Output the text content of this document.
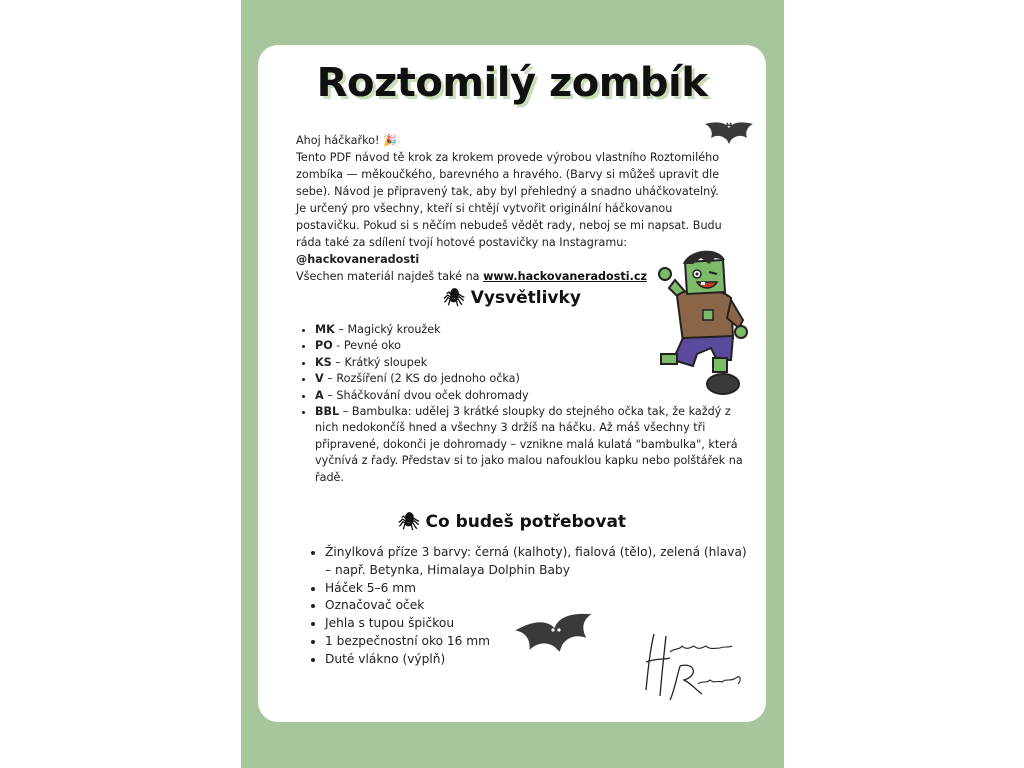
Roztomilý zombík

Ahoj háčkařko! 🎉

Tento PDF návod tě krok za krokem provede výrobou vlastního Roztomilého zombíka — měkoučkého, barevného a hravého. (Barvy si můžeš upravit dle sebe). Návod je připravený tak, aby byl přehledný a snadno uháčkovatelný.

Je určený pro všechny, kteří si chtějí vytvořit originální háčkovanou postavičku. Pokud si s něčím nebudeš vědět rady, neboj se mi napsat. Budu ráda také za sdílení tvojí hotové postavičky na Instagramu: @hackovaneradosti

Všechen materiál najdeš také na www.hackovaneradosti.cz

🕷 Vysvětlivky
• MK – Magický kroužek
• PO - Pevné oko
• KS – Krátký sloupek
• V – Rozšíření (2 KS do jednoho očka)
• A – Sháčkování dvou oček dohromady
• BBL – Bambulka: udělej 3 krátké sloupky do stejného očka tak, že každý z nich nedokončíš hned a všechny 3 držíš na háčku. Až máš všechny tři připravené, dokonči je dohromady – vznikne malá kulatá "bambulka", která vyčnívá z řady. Představ si to jako malou nafouklou kapku nebo polštářek na řadě.
🕷 Co budeš potřebovat
• Žinylková příze 3 barvy: černá (kalhoty), fialová (tělo), zelená (hlava) – např. Betynka, Himalaya Dolphin Baby
• Háček 5–6 mm
• Označovač oček
• Jehla s tupou špičkou
• 1 bezpečnostní oko 16 mm
• Duté vlákno (výplň)
